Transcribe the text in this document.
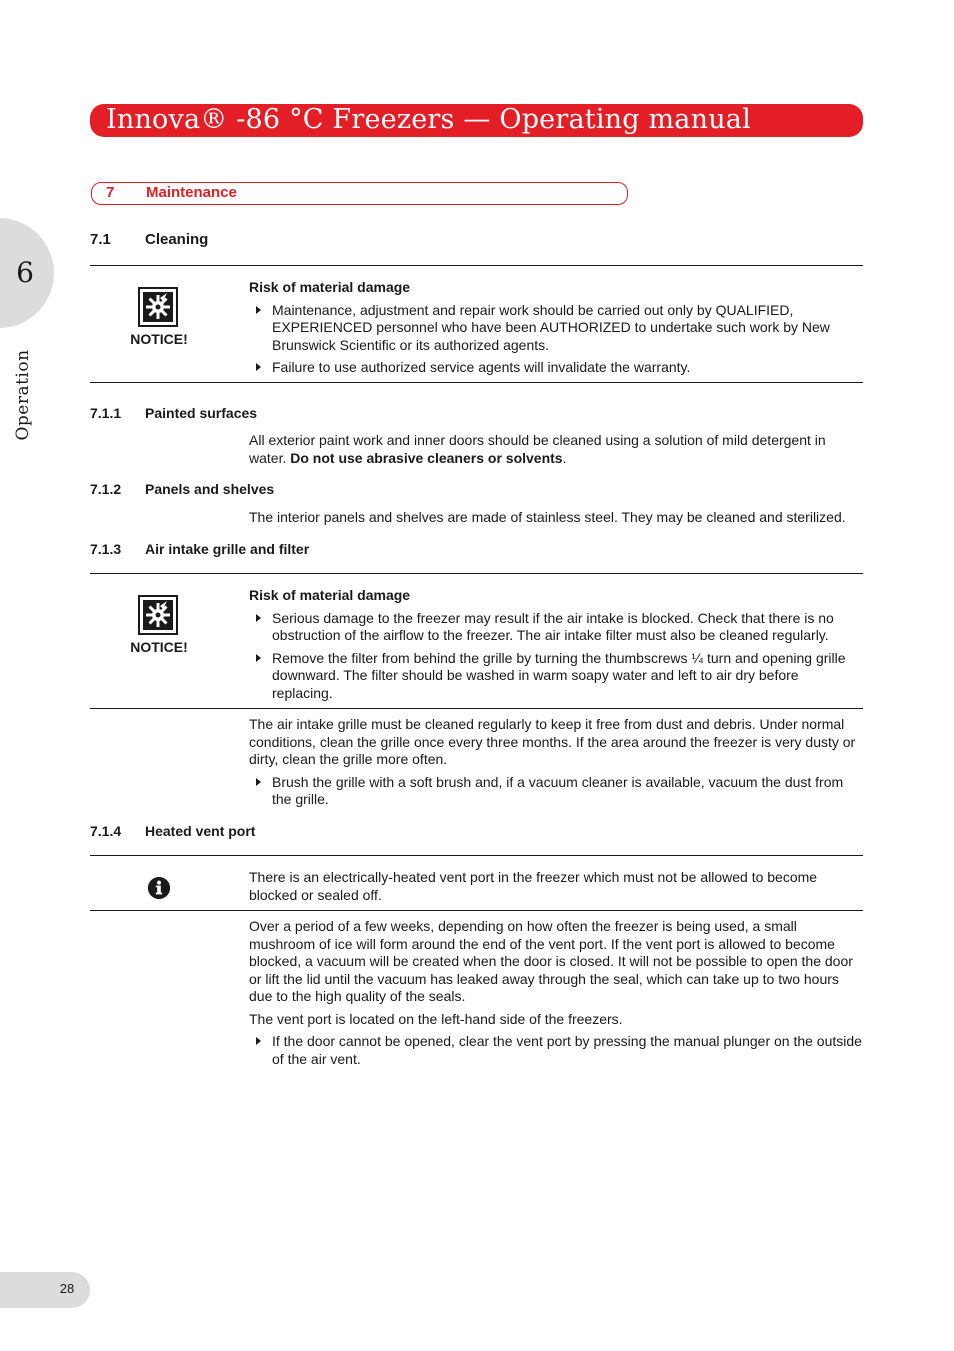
Innova® -86 °C Freezers — Operating manual
6
Operation
7 Maintenance
7.1 Cleaning
NOTICE!

Risk of material damage

Maintenance, adjustment and repair work should be carried out only by QUALIFIED, EXPERIENCED personnel who have been AUTHORIZED to undertake such work by New Brunswick Scientific or its authorized agents.
Failure to use authorized service agents will invalidate the warranty.
7.1.1 Painted surfaces

All exterior paint work and inner doors should be cleaned using a solution of mild detergent in water. Do not use abrasive cleaners or solvents.

7.1.2 Panels and shelves

The interior panels and shelves are made of stainless steel. They may be cleaned and sterilized.

7.1.3 Air intake grille and filter
NOTICE!

Risk of material damage

Serious damage to the freezer may result if the air intake is blocked. Check that there is no obstruction of the airflow to the freezer. The air intake filter must also be cleaned regularly.
Remove the filter from behind the grille by turning the thumbscrews ¼ turn and opening grille downward. The filter should be washed in warm soapy water and left to air dry before replacing.

The air intake grille must be cleaned regularly to keep it free from dust and debris. Under normal conditions, clean the grille once every three months. If the area around the freezer is very dusty or dirty, clean the grille more often.

Brush the grille with a soft brush and, if a vacuum cleaner is available, vacuum the dust from the grille.
7.1.4 Heated vent port

There is an electrically-heated vent port in the freezer which must not be allowed to become blocked or sealed off.

Over a period of a few weeks, depending on how often the freezer is being used, a small mushroom of ice will form around the end of the vent port. If the vent port is allowed to become blocked, a vacuum will be created when the door is closed. It will not be possible to open the door or lift the lid until the vacuum has leaked away through the seal, which can take up to two hours due to the high quality of the seals.

The vent port is located on the left-hand side of the freezers.

If the door cannot be opened, clear the vent port by pressing the manual plunger on the outside of the air vent.
28
